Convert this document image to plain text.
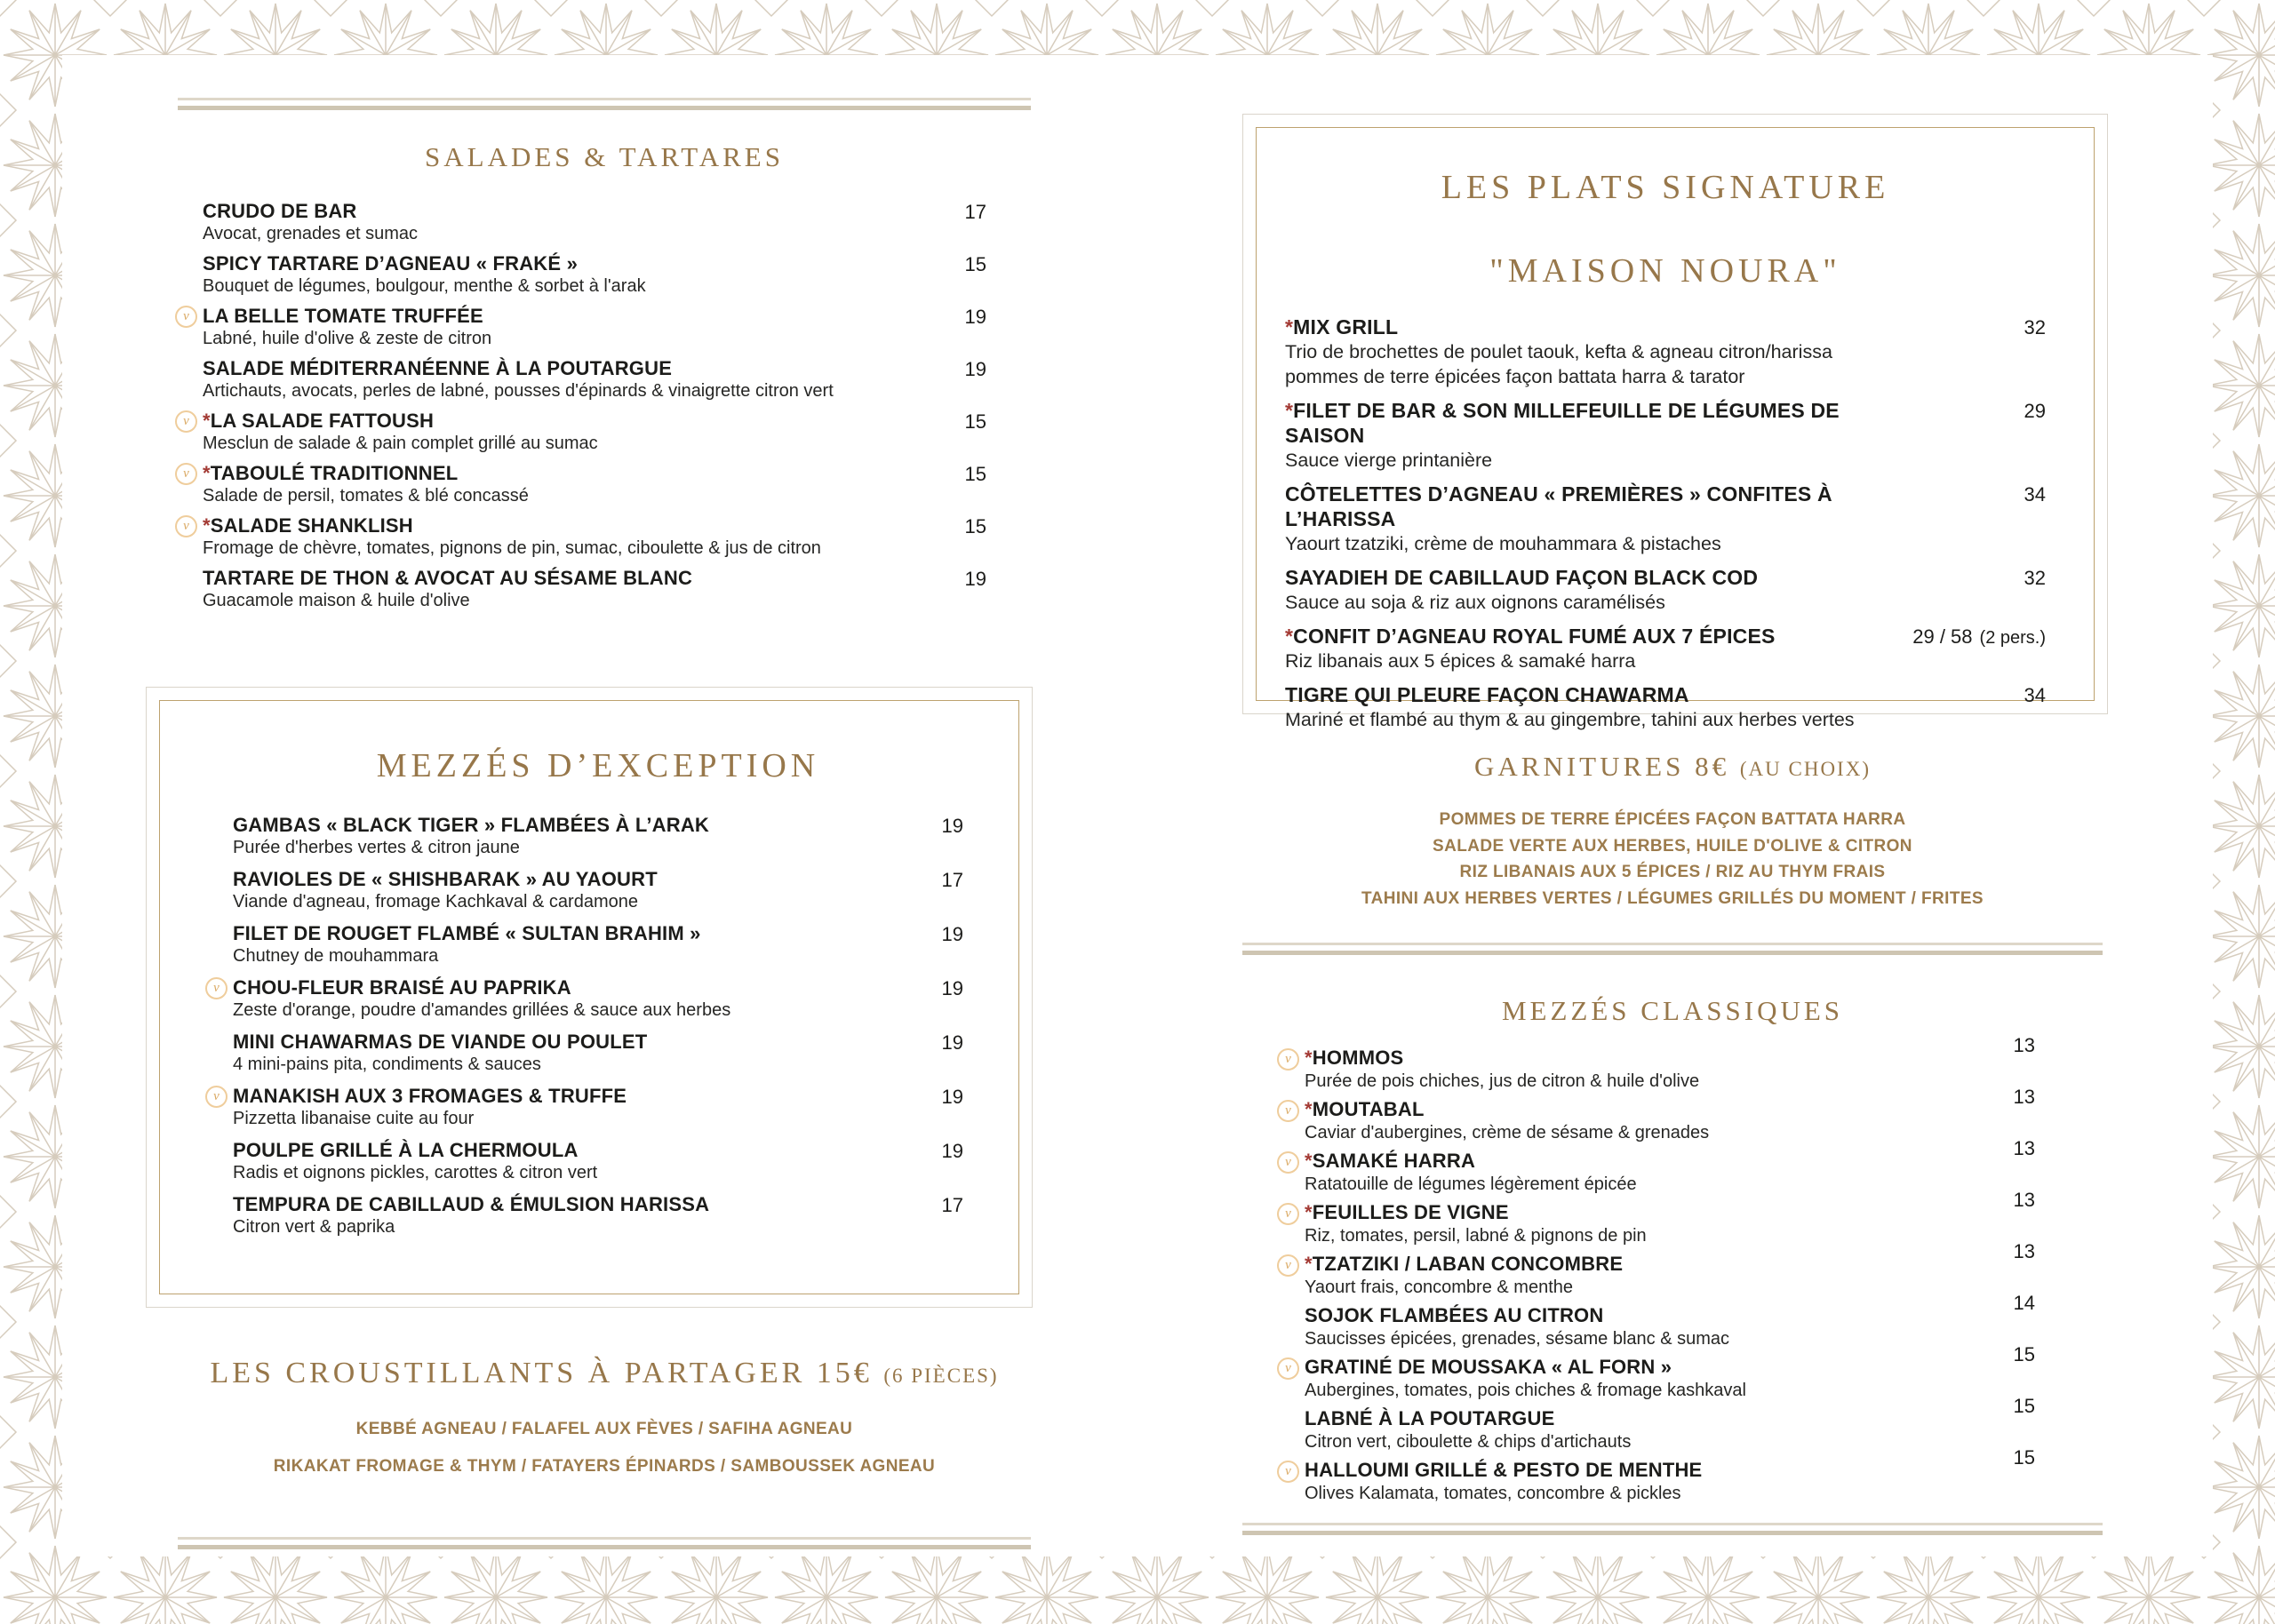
SALADES & TARTARES
CRUDO DE BAR
Avocat, grenades et sumac
17
SPICY TARTARE D’AGNEAU « FRAKÉ »
Bouquet de légumes, boulgour, menthe & sorbet à l'arak
15
v LA BELLE TOMATE TRUFFÉE
Labné, huile d'olive & zeste de citron
19
SALADE MÉDITERRANÉENNE À LA POUTARGUE
Artichauts, avocats, perles de labné, pousses d'épinards & vinaigrette citron vert
19
v *LA SALADE FATTOUSH
Mesclun de salade & pain complet grillé au sumac
15
v *TABOULÉ TRADITIONNEL
Salade de persil, tomates & blé concassé
15
v *SALADE SHANKLISH
Fromage de chèvre, tomates, pignons de pin, sumac, ciboulette & jus de citron
15
TARTARE DE THON & AVOCAT AU SÉSAME BLANC
Guacamole maison & huile d'olive
19
MEZZÉS D’EXCEPTION
GAMBAS « BLACK TIGER » FLAMBÉES À L’ARAK
Purée d'herbes vertes & citron jaune
19
RAVIOLES DE « SHISHBARAK » AU YAOURT
Viande d'agneau, fromage Kachkaval & cardamone
17
FILET DE ROUGET FLAMBÉ « SULTAN BRAHIM »
Chutney de mouhammara
19
v CHOU-FLEUR BRAISÉ AU PAPRIKA
Zeste d'orange, poudre d'amandes grillées & sauce aux herbes
19
MINI CHAWARMAS DE VIANDE OU POULET
4 mini-pains pita, condiments & sauces
19
v MANAKISH AUX 3 FROMAGES & TRUFFE
Pizzetta libanaise cuite au four
19
POULPE GRILLÉ À LA CHERMOULA
Radis et oignons pickles, carottes & citron vert
19
TEMPURA DE CABILLAUD & ÉMULSION HARISSA
Citron vert & paprika
17
LES CROUSTILLANTS À PARTAGER 15€ (6 PIÈCES)
KEBBÉ AGNEAU / FALAFEL AUX FÈVES / SAFIHA AGNEAU
RIKAKAT FROMAGE & THYM / FATAYERS ÉPINARDS / SAMBOUSSEK AGNEAU
LES PLATS SIGNATURE
"MAISON NOURA"
*MIX GRILL
Trio de brochettes de poulet taouk, kefta & agneau citron/harissa
pommes de terre épicées façon battata harra & tarator
32
*FILET DE BAR & SON MILLEFEUILLE DE LÉGUMES DE SAISON
Sauce vierge printanière
29
CÔTELETTES D’AGNEAU « PREMIÈRES » CONFITES À L’HARISSA
Yaourt tzatziki, crème de mouhammara & pistaches
34
SAYADIEH DE CABILLAUD FAÇON BLACK COD
Sauce au soja & riz aux oignons caramélisés
32
*CONFIT D’AGNEAU ROYAL FUMÉ AUX 7 ÉPICES
Riz libanais aux 5 épices & samaké harra
29 / 58 (2 pers.)
TIGRE QUI PLEURE FAÇON CHAWARMA
Mariné et flambé au thym & au gingembre, tahini aux herbes vertes
34
GARNITURES 8€ (AU CHOIX)
POMMES DE TERRE ÉPICÉES FAÇON BATTATA HARRA
SALADE VERTE AUX HERBES, HUILE D'OLIVE & CITRON
RIZ LIBANAIS AUX 5 ÉPICES / RIZ AU THYM FRAIS
TAHINI AUX HERBES VERTES / LÉGUMES GRILLÉS DU MOMENT / FRITES
MEZZÉS CLASSIQUES
v *HOMMOS
Purée de pois chiches, jus de citron & huile d'olive
13
v *MOUTABAL
Caviar d'aubergines, crème de sésame & grenades
13
v *SAMAKÉ HARRA
Ratatouille de légumes légèrement épicée
13
v *FEUILLES DE VIGNE
Riz, tomates, persil, labné & pignons de pin
13
v *TZATZIKI / LABAN CONCOMBRE
Yaourt frais, concombre & menthe
13
SOJOK FLAMBÉES AU CITRON
Saucisses épicées, grenades, sésame blanc & sumac
14
v GRATINÉ DE MOUSSAKA « AL FORN »
Aubergines, tomates, pois chiches & fromage kashkaval
15
LABNÉ À LA POUTARGUE
Citron vert, ciboulette & chips d'artichauts
15
v HALLOUMI GRILLÉ & PESTO DE MENTHE
Olives Kalamata, tomates, concombre & pickles
15
